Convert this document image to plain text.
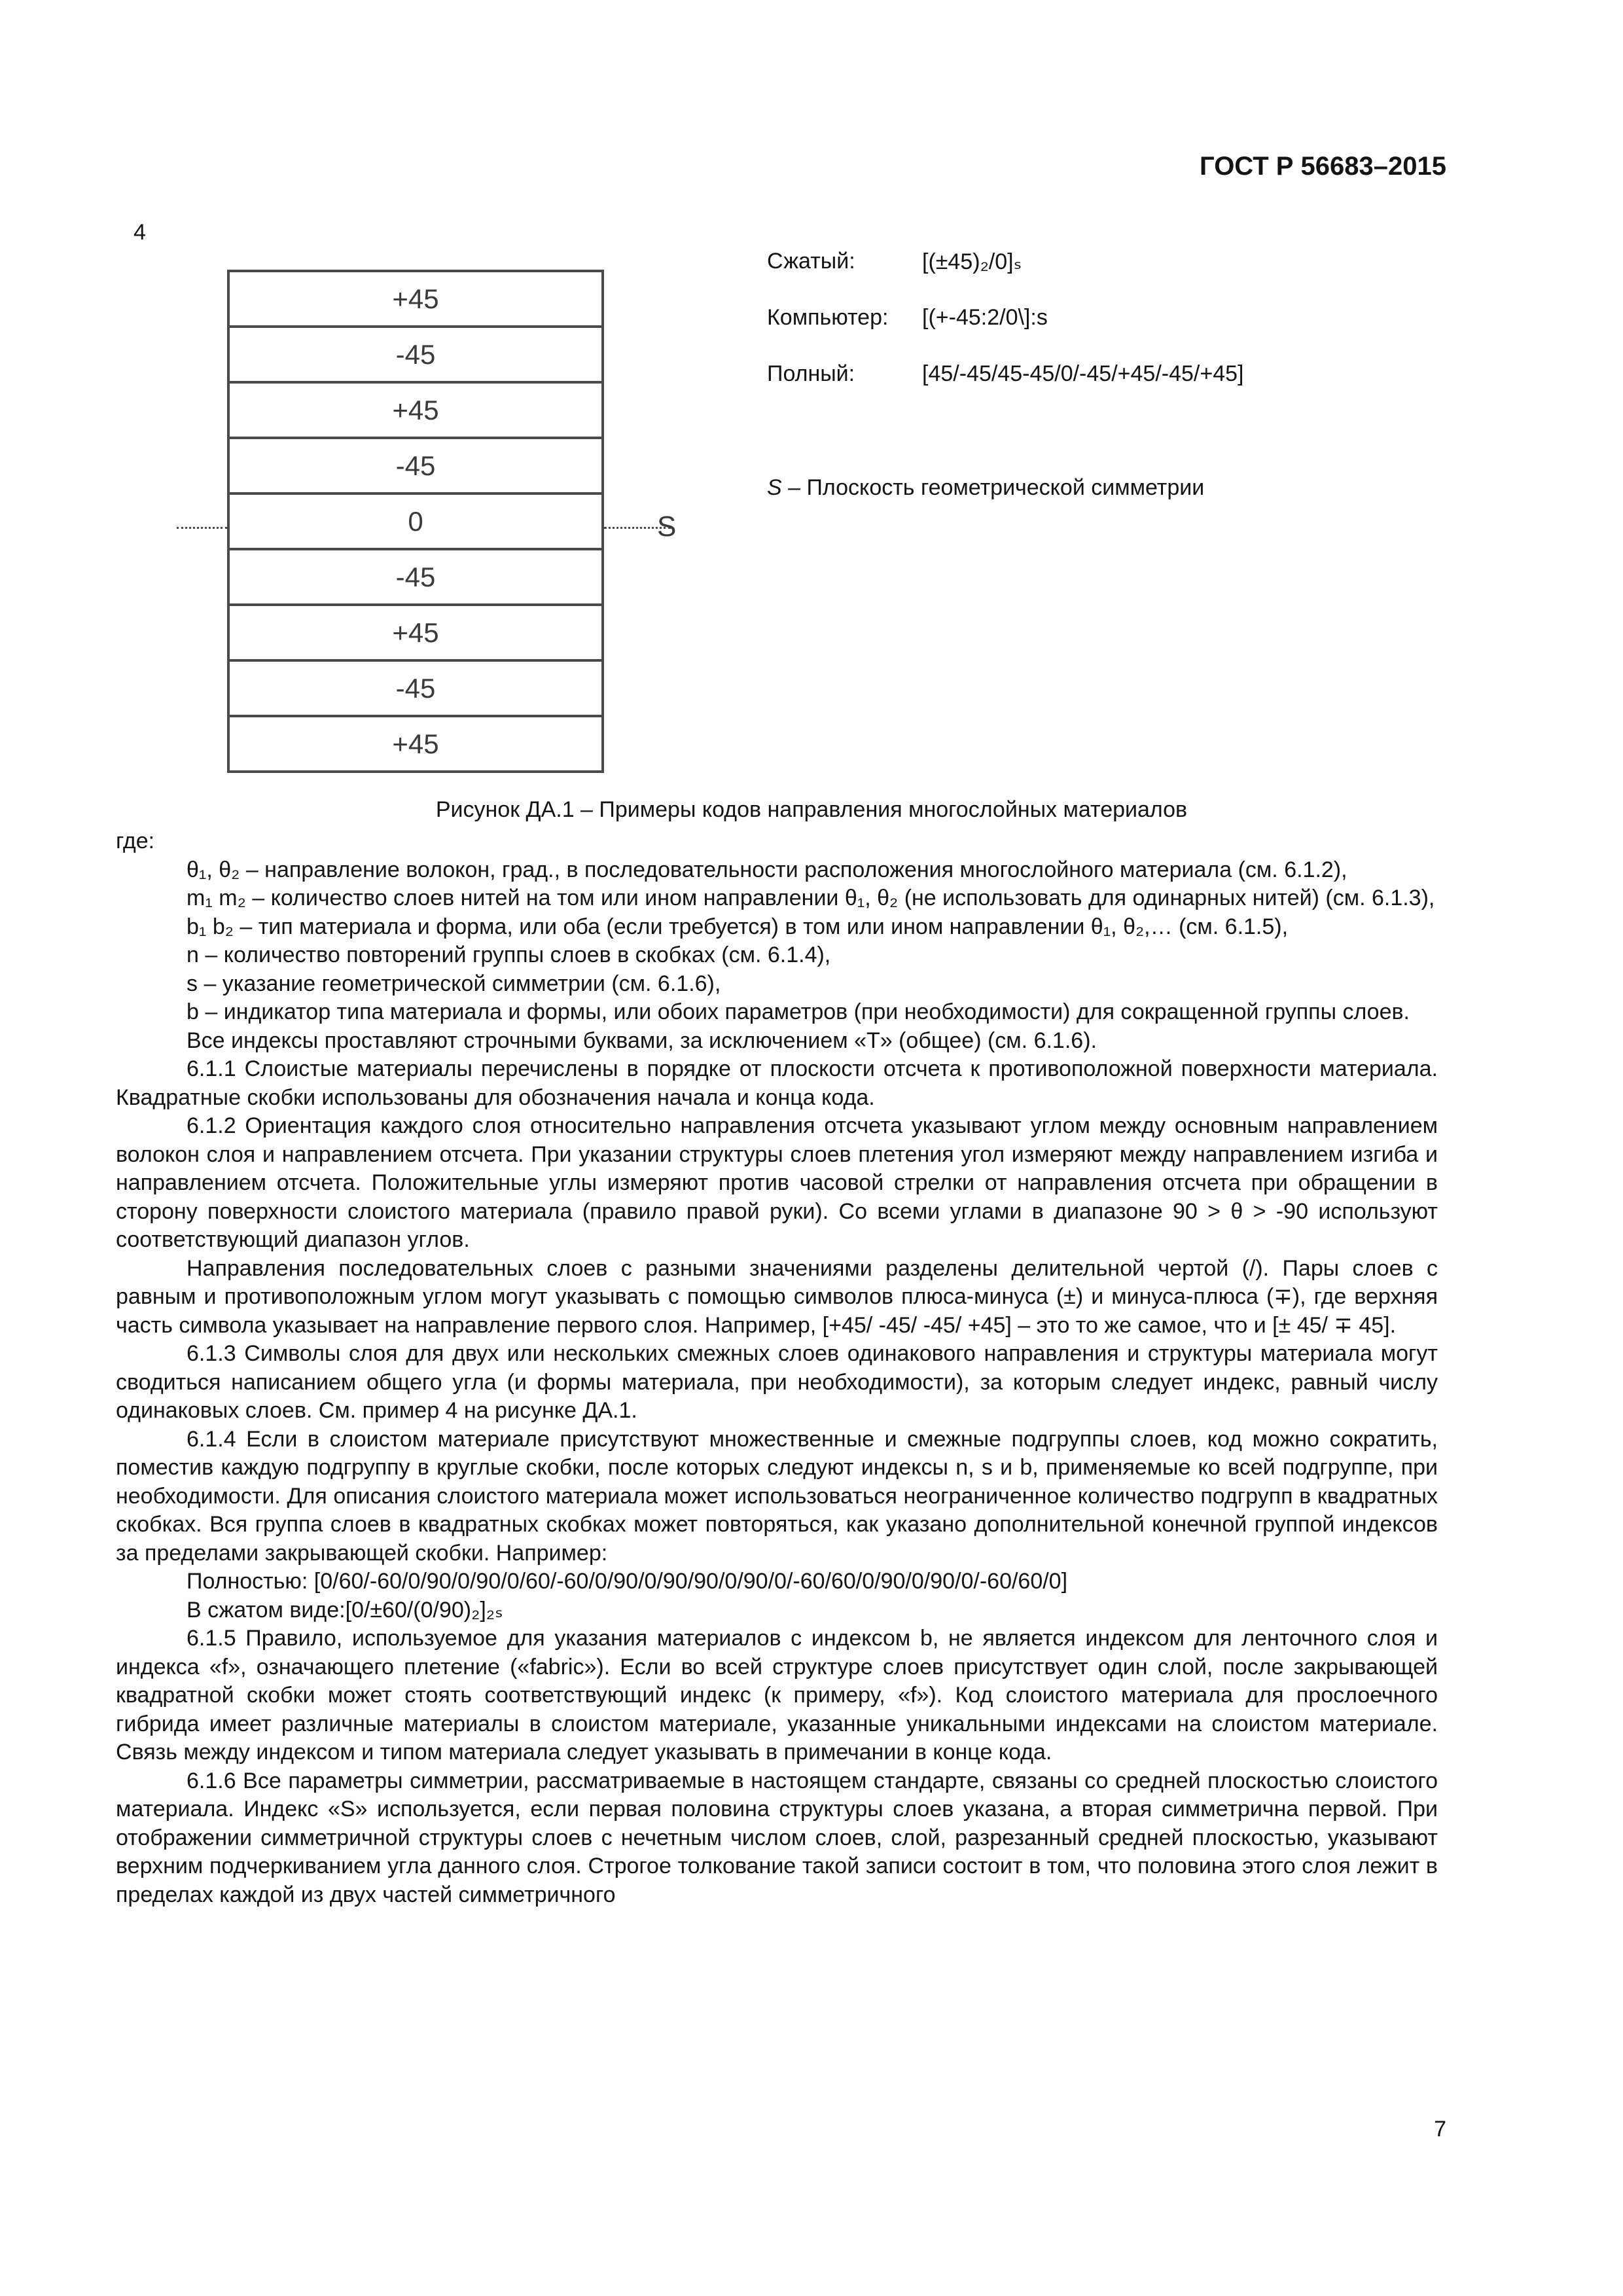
ГОСТ Р 56683–2015
4
+45
-45
+45
-45
0
-45
+45
-45
+45
S
Сжатый:	[(±45)₂/0]ₛ
Компьютер:	[(+-45:2/0\]:s
Полный:	[45/-45/45-45/0/-45/+45/-45/+45]
S – Плоскость геометрической симметрии
Рисунок ДА.1 – Примеры кодов направления многослойных материалов

где:

θ₁, θ₂ – направление волокон, град., в последовательности расположения многослойного материала (см. 6.1.2),

m₁ m₂ – количество слоев нитей на том или ином направлении θ₁, θ₂ (не использовать для одинарных нитей) (см. 6.1.3),

b₁ b₂ – тип материала и форма, или оба (если требуется) в том или ином направлении θ₁, θ₂,… (см. 6.1.5),

n – количество повторений группы слоев в скобках (см. 6.1.4),

s – указание геометрической симметрии (см. 6.1.6),

b – индикатор типа материала и формы, или обоих параметров (при необходимости) для сокращенной группы слоев.

Все индексы проставляют строчными буквами, за исключением «T» (общее) (см. 6.1.6).

6.1.1 Слоистые материалы перечислены в порядке от плоскости отсчета к противоположной поверхности материала. Квадратные скобки использованы для обозначения начала и конца кода.

6.1.2 Ориентация каждого слоя относительно направления отсчета указывают углом между основным направлением волокон слоя и направлением отсчета. При указании структуры слоев плетения угол измеряют между направлением изгиба и направлением отсчета. Положительные углы измеряют против часовой стрелки от направления отсчета при обращении в сторону поверхности слоистого материала (правило правой руки). Со всеми углами в диапазоне 90 > θ > -90 используют соответствующий диапазон углов.

Направления последовательных слоев с разными значениями разделены делительной чертой (/). Пары слоев с равным и противоположным углом могут указывать с помощью символов плюса-минуса (±) и минуса-плюса (∓), где верхняя часть символа указывает на направление первого слоя. Например, [+45/ -45/ -45/ +45] – это то же самое, что и [± 45/ ∓ 45].

6.1.3 Символы слоя для двух или нескольких смежных слоев одинакового направления и структуры материала могут сводиться написанием общего угла (и формы материала, при необходимости), за которым следует индекс, равный числу одинаковых слоев. См. пример 4 на рисунке ДА.1.

6.1.4 Если в слоистом материале присутствуют множественные и смежные подгруппы слоев, код можно сократить, поместив каждую подгруппу в круглые скобки, после которых следуют индексы n, s и b, применяемые ко всей подгруппе, при необходимости. Для описания слоистого материала может использоваться неограниченное количество подгрупп в квадратных скобках. Вся группа слоев в квадратных скобках может повторяться, как указано дополнительной конечной группой индексов за пределами закрывающей скобки. Например:

Полностью: [0/60/-60/0/90/0/90/0/60/-60/0/90/0/90/90/0/90/0/-60/60/0/90/0/90/0/-60/60/0]

В сжатом виде:[0/±60/(0/90)₂]₂ₛ

6.1.5 Правило, используемое для указания материалов с индексом b, не является индексом для ленточного слоя и индекса «f», означающего плетение («fabric»). Если во всей структуре слоев присутствует один слой, после закрывающей квадратной скобки может стоять соответствующий индекс (к примеру, «f»). Код слоистого материала для прослоечного гибрида имеет различные материалы в слоистом материале, указанные уникальными индексами на слоистом материале. Связь между индексом и типом материала следует указывать в примечании в конце кода.

6.1.6 Все параметры симметрии, рассматриваемые в настоящем стандарте, связаны со средней плоскостью слоистого материала. Индекс «S» используется, если первая половина структуры слоев указана, а вторая симметрична первой. При отображении симметричной структуры слоев с нечетным числом слоев, слой, разрезанный средней плоскостью, указывают верхним подчеркиванием угла данного слоя. Строгое толкование такой записи состоит в том, что половина этого слоя лежит в пределах каждой из двух частей симметричного

7
